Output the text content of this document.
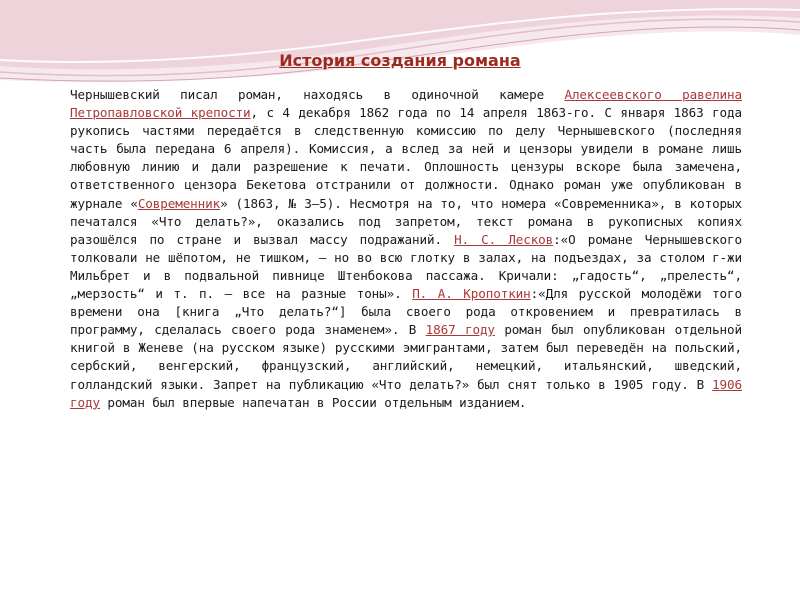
История создания романа
Чернышевский писал роман, находясь в одиночной камере Алексеевского равелина Петропавловской крепости, с 4 декабря 1862 года по 14 апреля 1863-го. С января 1863 года рукопись частями передаётся в следственную комиссию по делу Чернышевского (последняя часть была передана 6 апреля). Комиссия, а вслед за ней и цензоры увидели в романе лишь любовную линию и дали разрешение к печати. Оплошность цензуры вскоре была замечена, ответственного цензора Бекетова отстранили от должности. Однако роман уже опубликован в журнале «Современник» (1863, № 3—5). Несмотря на то, что номера «Современника», в которых печатался «Что делать?», оказались под запретом, текст романа в рукописных копиях разошёлся по стране и вызвал массу подражаний. Н. С. Лесков:«О романе Чернышевского толковали не шёпотом, не тишком, — но во всю глотку в залах, на подъездах, за столом г-жи Мильбрет и в подвальной пивнице Штенбокова пассажа. Кричали: „гадость“, „прелесть“, „мерзость“ и т. п. — все на разные тоны». П. А. Кропоткин:«Для русской молодёжи того времени она [книга „Что делать?“] была своего рода откровением и превратилась в программу, сделалась своего рода знаменем». В 1867 году роман был опубликован отдельной книгой в Женеве (на русском языке) русскими эмигрантами, затем был переведён на польский, сербский, венгерский, французский, английский, немецкий, итальянский, шведский, голландский языки. Запрет на публикацию «Что делать?» был снят только в 1905 году. В 1906 году роман был впервые напечатан в России отдельным изданием.
